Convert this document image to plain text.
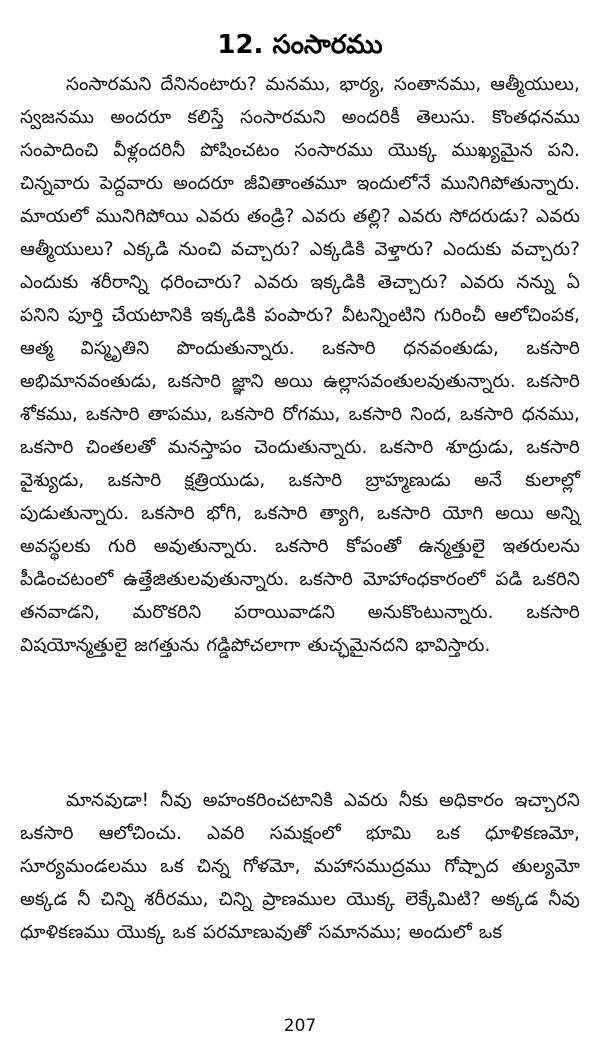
12. సంసారము

సంసారమని దేనినంటారు? మనము, భార్య, సంతానము, ఆత్మీయులు, స్వజనము అందరూ కలిస్తే సంసారమని అందరికీ తెలుసు. కొంతధనము సంపాదించి వీళ్లందరినీ పోషించటం సంసారము యొక్క ముఖ్యమైన పని. చిన్నవారు పెద్దవారు అందరూ జీవితాంతమూ ఇందులోనే మునిగిపోతున్నారు. మాయలో మునిగిపోయి ఎవరు తండ్రి? ఎవరు తల్లి? ఎవరు సోదరుడు? ఎవరు ఆత్మీయులు? ఎక్కడి నుంచి వచ్చారు? ఎక్కడికి వెళ్తారు? ఎందుకు వచ్చారు? ఎందుకు శరీరాన్ని ధరించారు? ఎవరు ఇక్కడికి తెచ్చారు? ఎవరు నన్ను ఏ పనిని పూర్తి చేయటానికి ఇక్కడికి పంపారు? వీటన్నింటిని గురించీ ఆలోచింపక, ఆత్మ విస్మృతిని పొందుతున్నారు. ఒకసారి ధనవంతుడు, ఒకసారి అభిమానవంతుడు, ఒకసారి జ్ఞాని అయి ఉల్లాసవంతులవుతున్నారు. ఒకసారి శోకము, ఒకసారి తాపము, ఒకసారి రోగము, ఒకసారి నింద, ఒకసారి ధనము, ఒకసారి చింతలతో మనస్తాపం చెందుతున్నారు. ఒకసారి శూద్రుడు, ఒకసారి వైశ్యుడు, ఒకసారి క్షత్రియుడు, ఒకసారి బ్రాహ్మణుడు అనే కులాల్లో పుడుతున్నారు. ఒకసారి భోగి, ఒకసారి త్యాగి, ఒకసారి యోగి అయి అన్ని అవస్థలకు గురి అవుతున్నారు. ఒకసారి కోపంతో ఉన్మత్తులై ఇతరులను పీడించటంలో ఉత్తేజితులవుతున్నారు. ఒకసారి మోహాంధకారంలో పడి ఒకరిని తనవాడని, మరొకరిని పరాయివాడని అనుకొంటున్నారు. ఒకసారి విషయోన్మత్తులై జగత్తును గడ్డిపోచలాగా తుచ్ఛమైనదని భావిస్తారు.

మానవుడా! నీవు అహంకరించటానికి ఎవరు నీకు అధికారం ఇచ్చారని ఒకసారి ఆలోచించు. ఎవరి సమక్షంలో భూమి ఒక ధూళికణమో, సూర్యమండలము ఒక చిన్న గోళమో, మహాసముద్రము గోష్పాద తుల్యమో అక్కడ నీ చిన్ని శరీరము, చిన్ని ప్రాణముల యొక్క లెక్కేమిటి? అక్కడ నీవు ధూళికణము యొక్క ఒక పరమాణువుతో సమానము; అందులో ఒక

207
